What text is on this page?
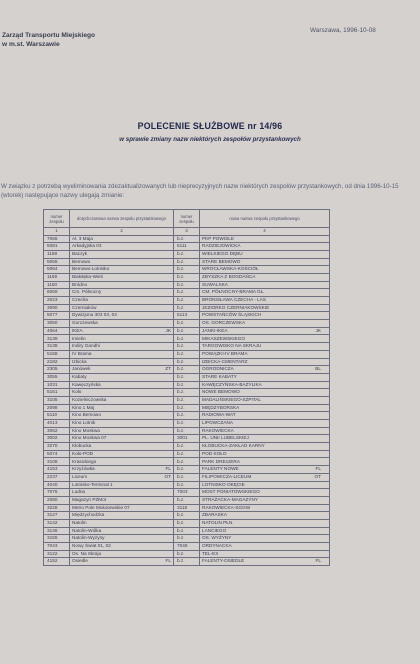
Zarząd Transportu Miejskiego
w m.st. Warszawie
Warszawa, 1996-10-08
POLECENIE SŁUŻBOWE nr 14/96
w sprawie zmiany nazw niektórych zespołów przystankowych
W związku z potrzebą wyeliminowania zdezaktualizowanych lub nieprecyzyjnych nazw niektórych zespołów przystankowych, od dnia 1996-10-15 (wtorek) następujące nazwy ulegają zmianie:
numer zespołu	dotychczasowa nazwa zespołu przystankowego	numer zespołu	nowa nazwa zespołu przystankowego
1	2	3	4
7066	Al. 3 Maja	b.z.	PKP POWIŚLE

5081	Arkadyjska 03	5111	RADZIEJOWICKA

1168	Baczyk	b.z.	WIELKIEGO DĘBU

5055	Bemowo	b.z.	STARE BEMOWO

5064	Bemowo-Lotnisko	b.z.	WROCŁAWSKA-KOŚCIÓŁ

1169	Białołęka-Wieś	b.z.	ZBYSZKA Z BOGDAŃCA

1150	Bródno	b.z.	SUWALSKA

6069	Cm. Północny	b.z.	CM. PÓŁNOCNY-BRAMA GŁ.

2023	Czecha	b.z.	BRONISŁAWA CZECHA - LAS

3090	Czerniaków	b.z.	JEZIORKO CZERNIAKOWSKIE

5077	Dywizjonu 303 03, 04	5113	POWSTAŃCÓW ŚLĄSKICH

3050	Gorczewska	b.z.	OS. GORCZEWSKA

4064	IKEA JK	b.z.	JANKI-IKEA JK

3139	Imielin	b.z.	MIKASZEWSKIEGO

3138	Indiry Gandhi	b.z.	TARGOWISKO NA SKRAJU

5158	IV Brama	b.z.	POWĄZKI-IV BRAMA

2182	Izbicka	b.z.	IZBICKA-CMENTARZ

2305	Janówek ZT	b.z.	OGRODNICZA BL

3055	Kabaty	b.z.	STARE KABATY

1031	Kawęczyńska	b.z.	KAWĘCZYŃSKA-BAZYLIKA

5161	Koło	b.z.	NOWE BEMOWO

3105	Kozielniczowska	b.z.	MADALIŃSKIEGO-SZPITAL

2098	Kino 1 Maj	b.z.	MIĘDZYBORSKA

5110	Kino Bemowo	b.z.	RADIOWA-WAT

4013	Kino Lotnik	b.z.	LIPOWCZANA

3062	Kino Moskwa	b.z.	RAKOWIECKA

3002	Kino Moskwa 07	3001	PL. UNII LUBELSKIEJ

3270	Kłobucka	b.z.	KŁOBUCKA-ZAKŁAD KARNY

5074	Koło-POD	b.z.	POD KOŁO

3108	Krasickiego	b.z.	PARK DREszERA

4153	Krzyżówka FL	b.z.	FALENTY NOWE FL

2237	Liceum OT	b.z.	FILIPOWICZA-LICEUM OT

4040	Lotnisko-Terminal 1	b.z.	LOTNISKO OKĘCIE

7076	Ludna	7003	MOST PONIATOWSKIEGO

2080	Magazyn PZMot	b.z.	STRAŻACKA-MAGAZYNY

3228	Metro Pole Mokotowskie 07	3118	RAKOWIECKA-SGGW

3127	Międzychodzka	b.z.	ZBARASKA

3142	Natolin	b.z.	NATOLIN PŁN.

3146	Natolin-Wólka	b.z.	LANCIEGO

3155	Natolin-Wyżyny	b.z.	OS. WYŻYNY

7043	Nowy Świat 01, 02	7049	ORDYNACKA

3122	Os. Na Skraju	b.z.	TEL-EX

4152	Osiedle FL	b.z.	FALENTY-OSIEDLE FL
